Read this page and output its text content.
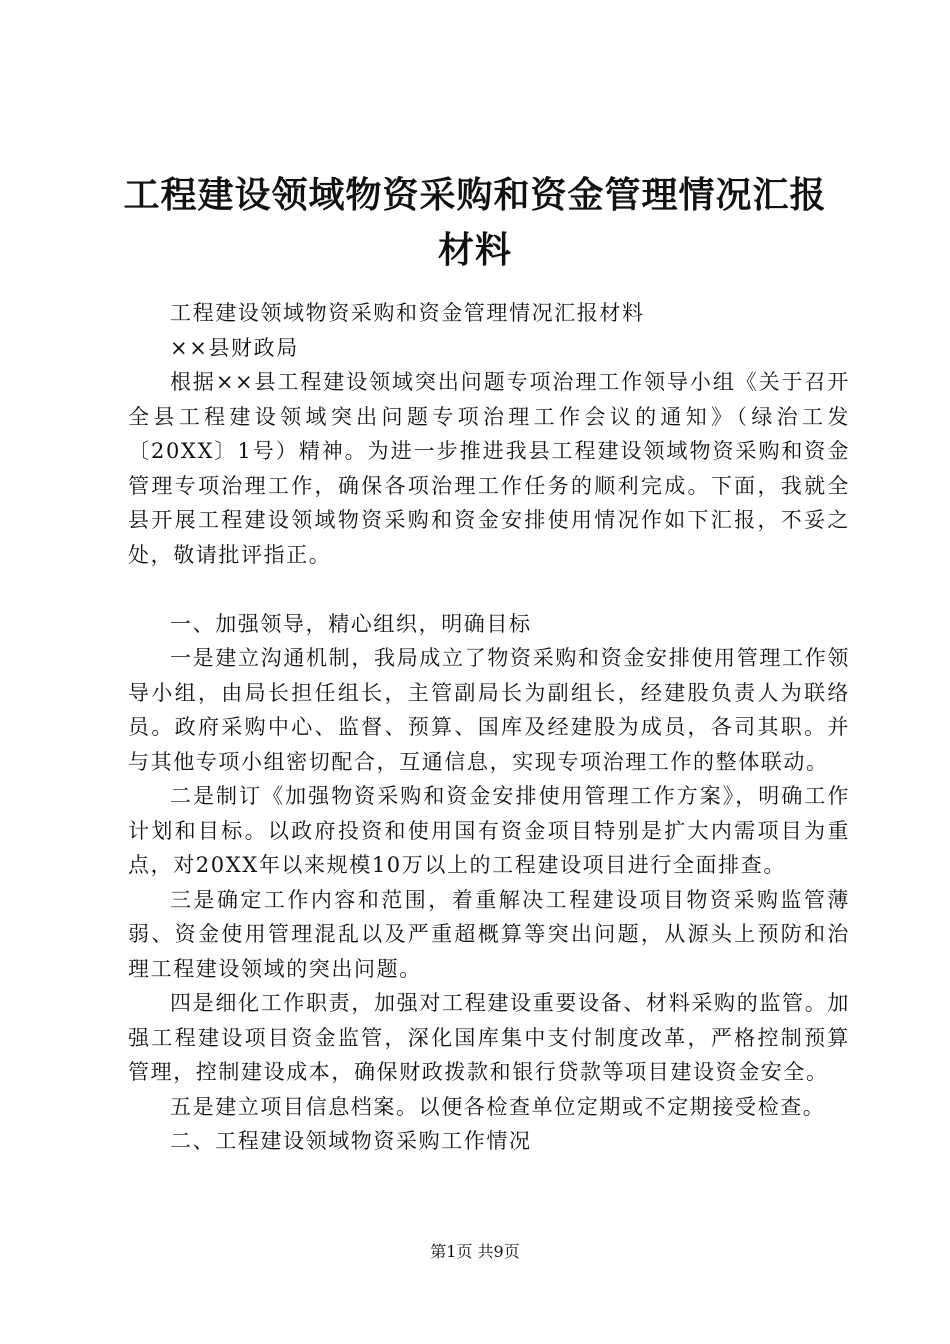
工程建设领域物资采购和资金管理情况汇报材料

工程建设领域物资采购和资金管理情况汇报材料

××县财政局

根据××县工程建设领域突出问题专项治理工作领导小组《关于召开全县工程建设领域突出问题专项治理工作会议的通知》（绿治工发〔20XX〕1号）精神。为进一步推进我县工程建设领域物资采购和资金管理专项治理工作，确保各项治理工作任务的顺利完成。下面，我就全县开展工程建设领域物资采购和资金安排使用情况作如下汇报，不妥之处，敬请批评指正。

一、加强领导，精心组织，明确目标

一是建立沟通机制，我局成立了物资采购和资金安排使用管理工作领导小组，由局长担任组长，主管副局长为副组长，经建股负责人为联络员。政府采购中心、监督、预算、国库及经建股为成员，各司其职。并与其他专项小组密切配合，互通信息，实现专项治理工作的整体联动。

二是制订《加强物资采购和资金安排使用管理工作方案》，明确工作计划和目标。以政府投资和使用国有资金项目特别是扩大内需项目为重点，对20XX年以来规模10万以上的工程建设项目进行全面排查。

三是确定工作内容和范围，着重解决工程建设项目物资采购监管薄弱、资金使用管理混乱以及严重超概算等突出问题，从源头上预防和治理工程建设领域的突出问题。

四是细化工作职责，加强对工程建设重要设备、材料采购的监管。加强工程建设项目资金监管，深化国库集中支付制度改革，严格控制预算管理，控制建设成本，确保财政拨款和银行贷款等项目建设资金安全。

五是建立项目信息档案。以便各检查单位定期或不定期接受检查。

二、工程建设领域物资采购工作情况

第1页 共9页
